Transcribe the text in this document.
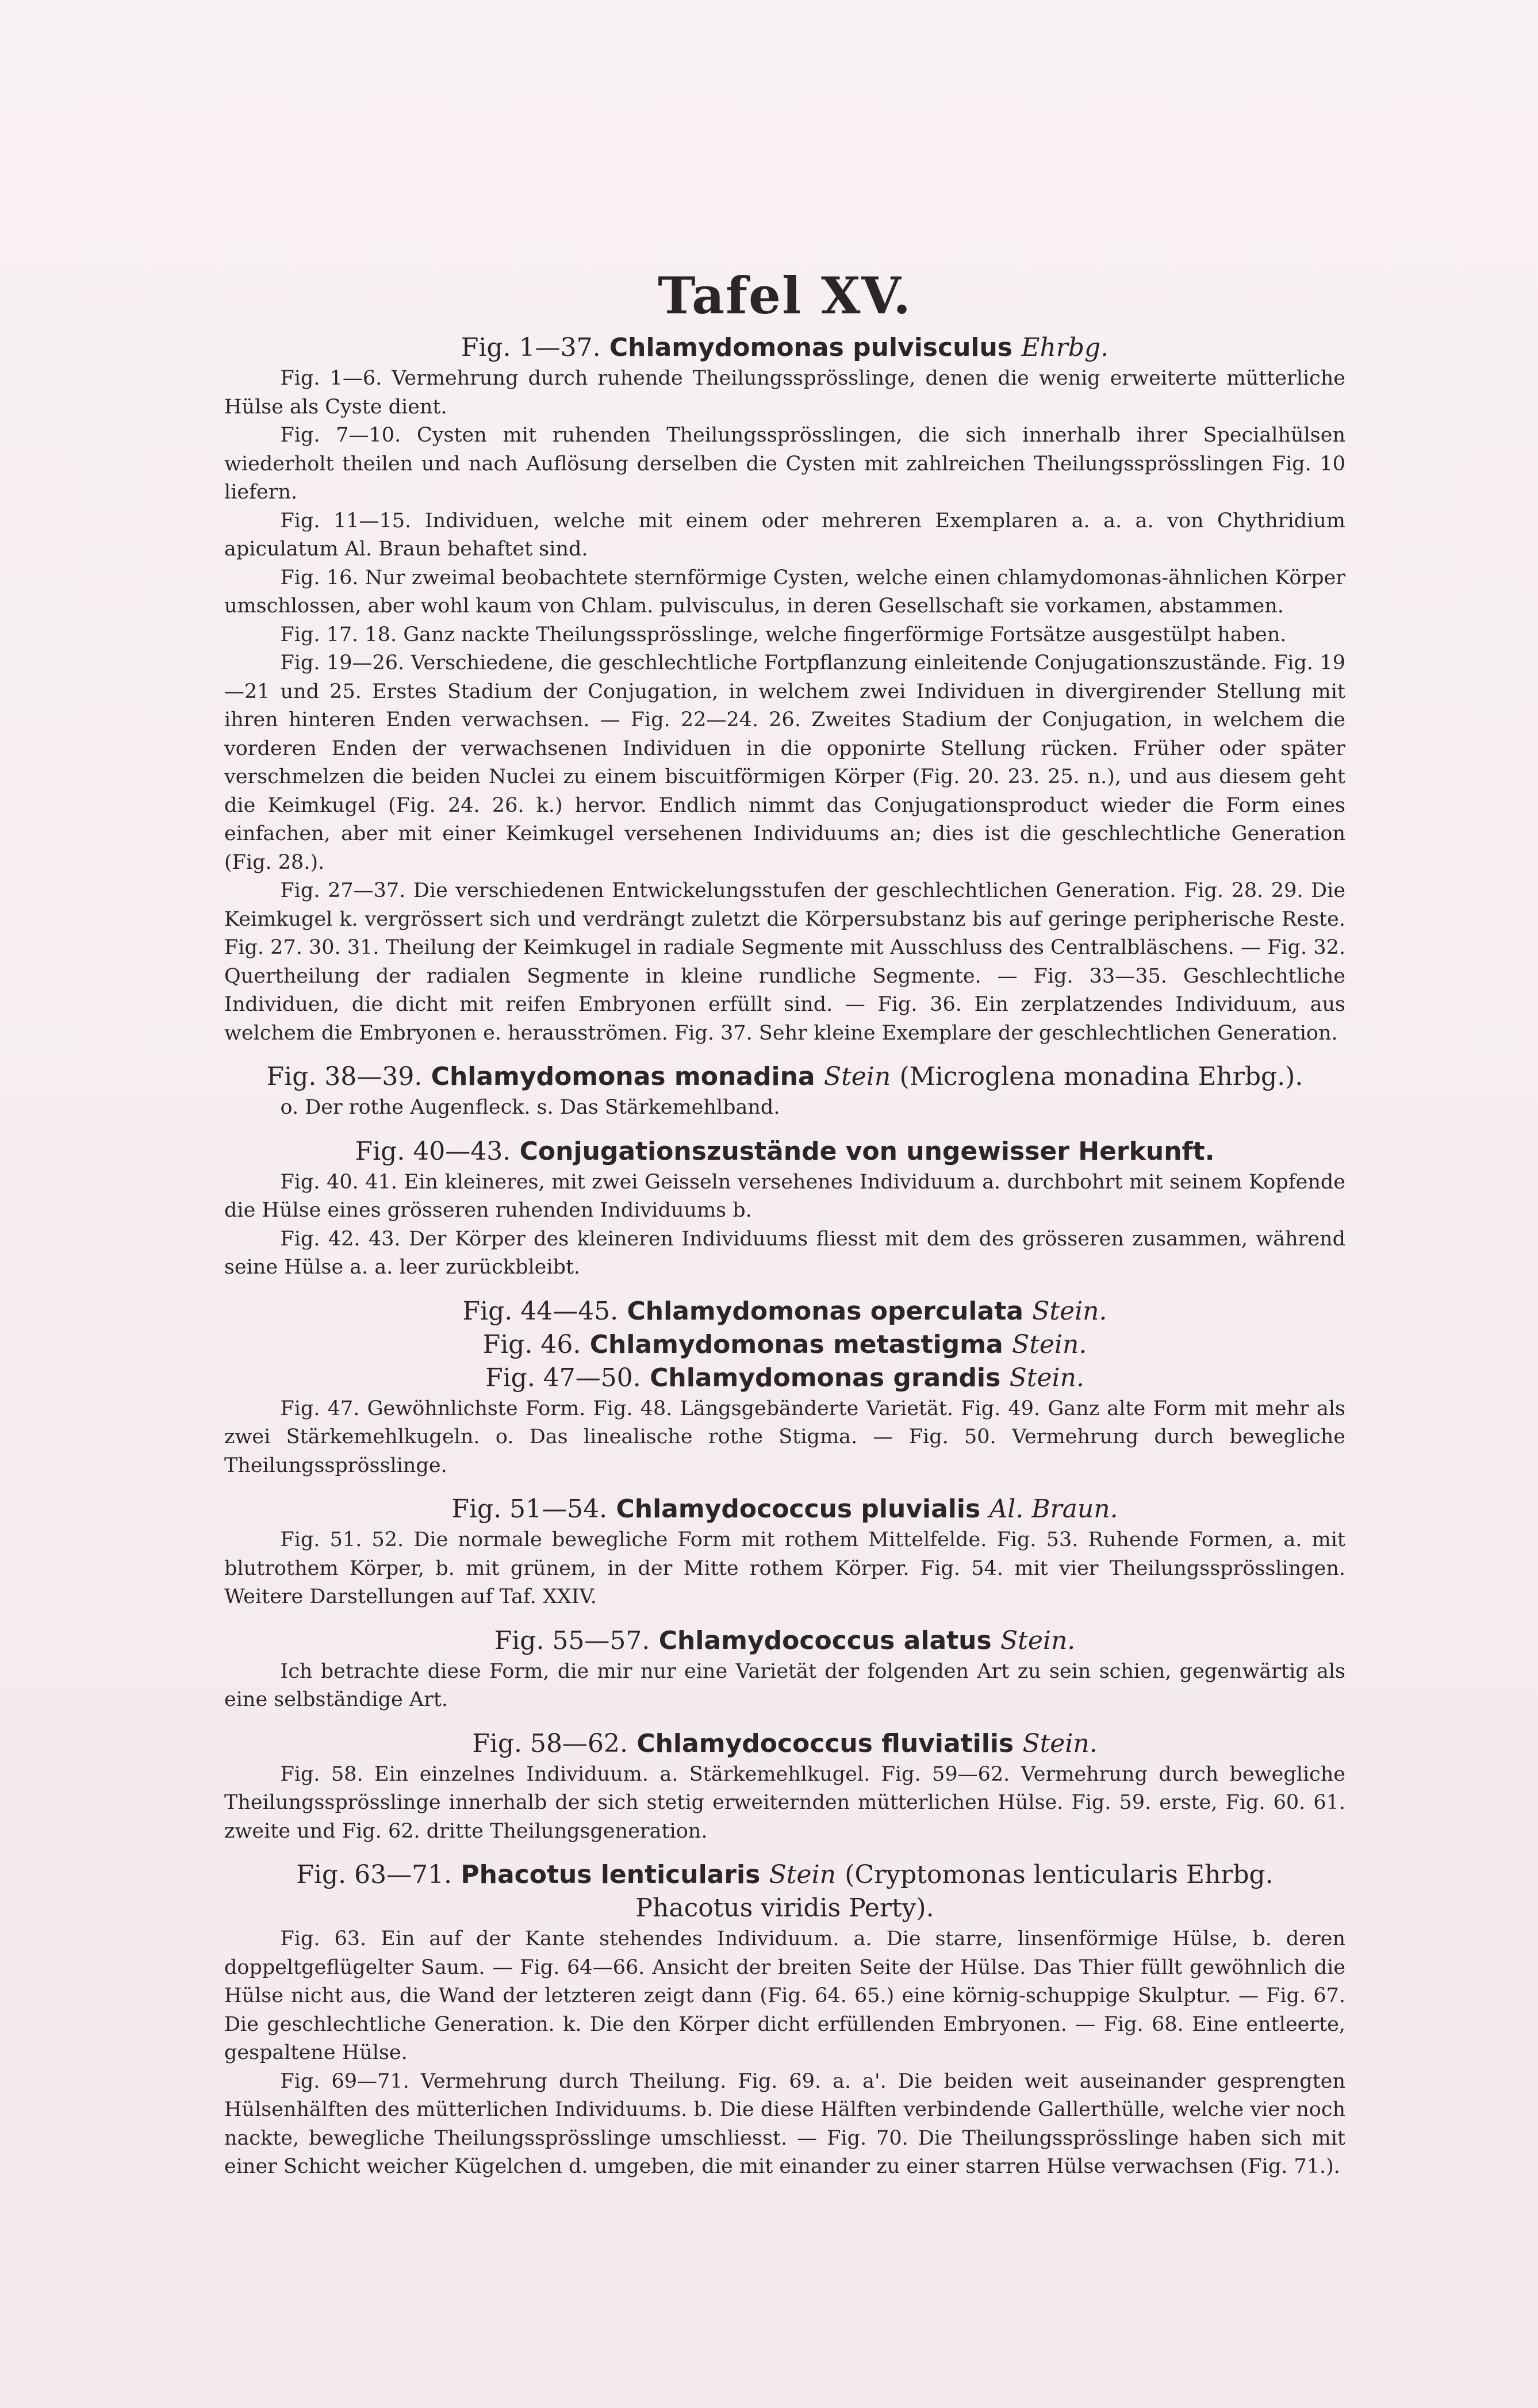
Tafel XV.

Fig. 1—37. Chlamydomonas pulvisculus Ehrbg.

Fig. 1—6. Vermehrung durch ruhende Theilungssprösslinge, denen die wenig erweiterte mütterliche Hülse als Cyste dient.

Fig. 7—10. Cysten mit ruhenden Theilungssprösslingen, die sich innerhalb ihrer Specialhülsen wiederholt theilen und nach Auflösung derselben die Cysten mit zahlreichen Theilungssprösslingen Fig. 10 liefern.

Fig. 11—15. Individuen, welche mit einem oder mehreren Exemplaren a. a. a. von Chythridium apiculatum Al. Braun behaftet sind.

Fig. 16. Nur zweimal beobachtete sternförmige Cysten, welche einen chlamydomonas-ähnlichen Körper umschlossen, aber wohl kaum von Chlam. pulvisculus, in deren Gesellschaft sie vorkamen, abstammen.

Fig. 17. 18. Ganz nackte Theilungssprösslinge, welche fingerförmige Fortsätze ausgestülpt haben.

Fig. 19—26. Verschiedene, die geschlechtliche Fortpflanzung einleitende Conjugationszustände. Fig. 19—21 und 25. Erstes Stadium der Conjugation, in welchem zwei Individuen in divergirender Stellung mit ihren hinteren Enden verwachsen. — Fig. 22—24. 26. Zweites Stadium der Conjugation, in welchem die vorderen Enden der verwachsenen Individuen in die opponirte Stellung rücken. Früher oder später verschmelzen die beiden Nuclei zu einem biscuitförmigen Körper (Fig. 20. 23. 25. n.), und aus diesem geht die Keimkugel (Fig. 24. 26. k.) hervor. Endlich nimmt das Conjugationsproduct wieder die Form eines einfachen, aber mit einer Keimkugel versehenen Individuums an; dies ist die geschlechtliche Generation (Fig. 28.).

Fig. 27—37. Die verschiedenen Entwickelungsstufen der geschlechtlichen Generation. Fig. 28. 29. Die Keimkugel k. vergrössert sich und verdrängt zuletzt die Körpersubstanz bis auf geringe peripherische Reste. Fig. 27. 30. 31. Theilung der Keimkugel in radiale Segmente mit Ausschluss des Centralbläschens. — Fig. 32. Quertheilung der radialen Segmente in kleine rundliche Segmente. — Fig. 33—35. Geschlechtliche Individuen, die dicht mit reifen Embryonen erfüllt sind. — Fig. 36. Ein zerplatzendes Individuum, aus welchem die Embryonen e. herausströmen. Fig. 37. Sehr kleine Exemplare der geschlechtlichen Generation.

Fig. 38—39. Chlamydomonas monadina Stein (Microglena monadina Ehrbg.).

o. Der rothe Augenfleck. s. Das Stärkemehlband.

Fig. 40—43. Conjugationszustände von ungewisser Herkunft.

Fig. 40. 41. Ein kleineres, mit zwei Geisseln versehenes Individuum a. durchbohrt mit seinem Kopfende die Hülse eines grösseren ruhenden Individuums b.

Fig. 42. 43. Der Körper des kleineren Individuums fliesst mit dem des grösseren zusammen, während seine Hülse a. a. leer zurückbleibt.

Fig. 44—45. Chlamydomonas operculata Stein.

Fig. 46. Chlamydomonas metastigma Stein.

Fig. 47—50. Chlamydomonas grandis Stein.

Fig. 47. Gewöhnlichste Form. Fig. 48. Längsgebänderte Varietät. Fig. 49. Ganz alte Form mit mehr als zwei Stärkemehlkugeln. o. Das linealische rothe Stigma. — Fig. 50. Vermehrung durch bewegliche Theilungssprösslinge.

Fig. 51—54. Chlamydococcus pluvialis Al. Braun.

Fig. 51. 52. Die normale bewegliche Form mit rothem Mittelfelde. Fig. 53. Ruhende Formen, a. mit blutrothem Körper, b. mit grünem, in der Mitte rothem Körper. Fig. 54. mit vier Theilungssprösslingen. Weitere Darstellungen auf Taf. XXIV.

Fig. 55—57. Chlamydococcus alatus Stein.

Ich betrachte diese Form, die mir nur eine Varietät der folgenden Art zu sein schien, gegenwärtig als eine selbständige Art.

Fig. 58—62. Chlamydococcus fluviatilis Stein.

Fig. 58. Ein einzelnes Individuum. a. Stärkemehlkugel. Fig. 59—62. Vermehrung durch bewegliche Theilungssprösslinge innerhalb der sich stetig erweiternden mütterlichen Hülse. Fig. 59. erste, Fig. 60. 61. zweite und Fig. 62. dritte Theilungsgeneration.

Fig. 63—71. Phacotus lenticularis Stein (Cryptomonas lenticularis Ehrbg.

Phacotus viridis Perty).

Fig. 63. Ein auf der Kante stehendes Individuum. a. Die starre, linsenförmige Hülse, b. deren doppeltgeflügelter Saum. — Fig. 64—66. Ansicht der breiten Seite der Hülse. Das Thier füllt gewöhnlich die Hülse nicht aus, die Wand der letzteren zeigt dann (Fig. 64. 65.) eine körnig-schuppige Skulptur. — Fig. 67. Die geschlechtliche Generation. k. Die den Körper dicht erfüllenden Embryonen. — Fig. 68. Eine entleerte, gespaltene Hülse.

Fig. 69—71. Vermehrung durch Theilung. Fig. 69. a. a'. Die beiden weit auseinander gesprengten Hülsenhälften des mütterlichen Individuums. b. Die diese Hälften verbindende Gallerthülle, welche vier noch nackte, bewegliche Theilungssprösslinge umschliesst. — Fig. 70. Die Theilungssprösslinge haben sich mit einer Schicht weicher Kügelchen d. umgeben, die mit einander zu einer starren Hülse verwachsen (Fig. 71.).
